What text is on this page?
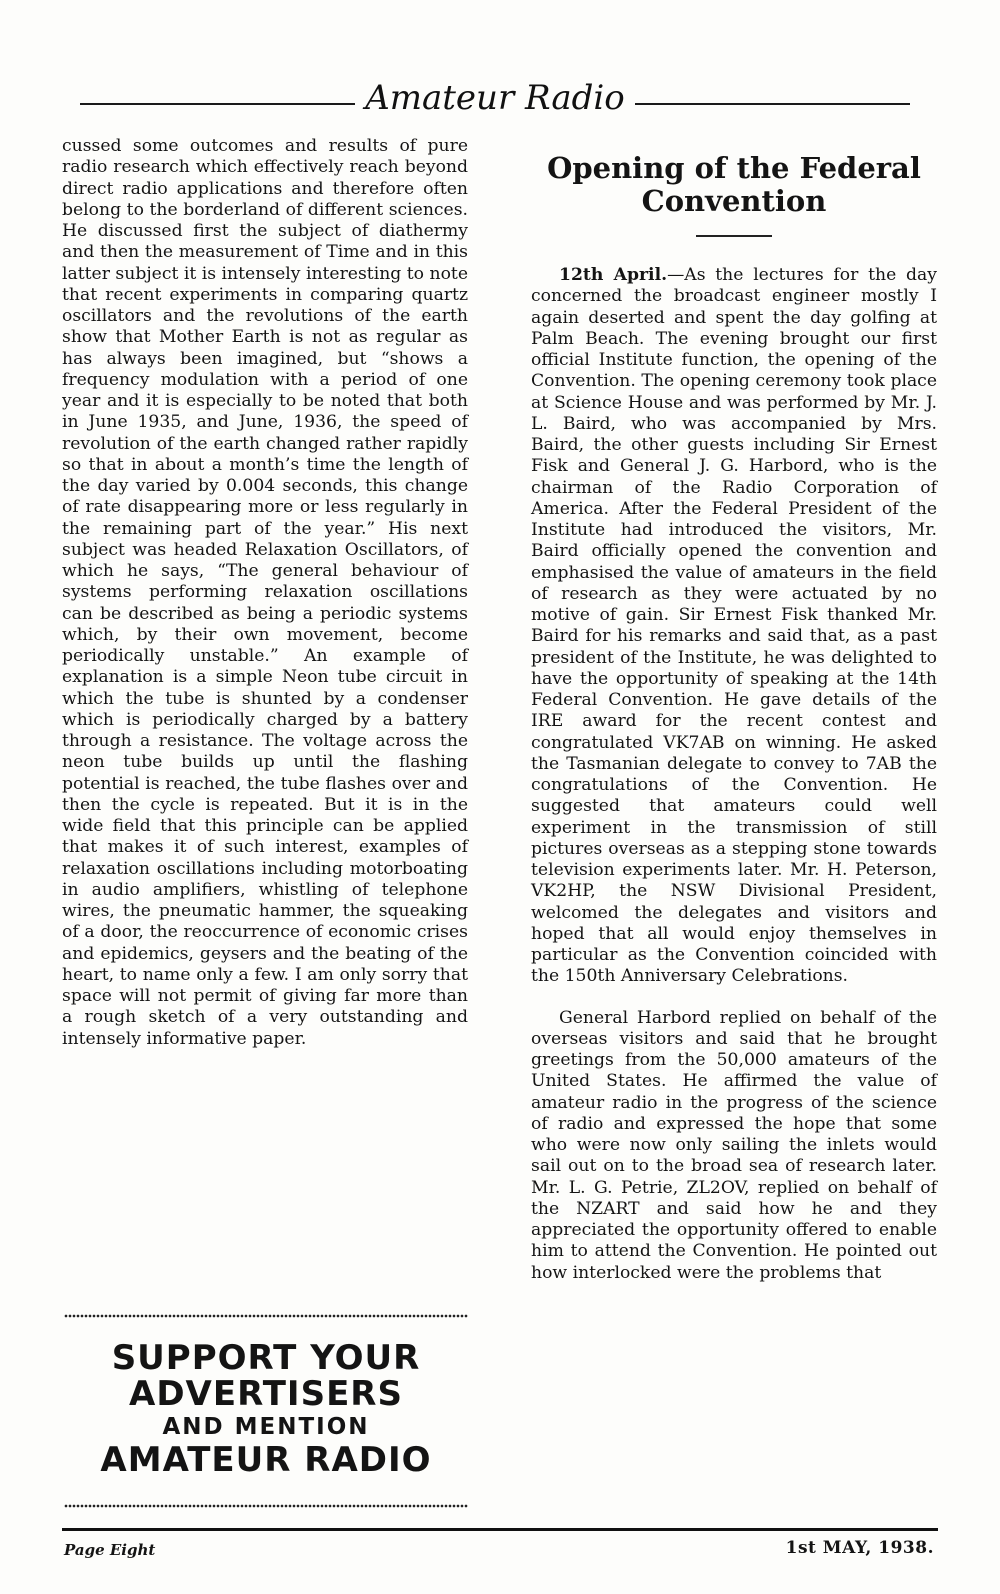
Amateur Radio

cussed some outcomes and results of pure radio research which effectively reach beyond direct radio applications and therefore often belong to the borderland of different sciences. He discussed first the subject of diathermy and then the measurement of Time and in this latter subject it is intensely interesting to note that recent experiments in comparing quartz oscillators and the revolutions of the earth show that Mother Earth is not as regular as has always been imagined, but “shows a frequency modulation with a period of one year and it is especially to be noted that both in June 1935, and June, 1936, the speed of revolution of the earth changed rather rapidly so that in about a month’s time the length of the day varied by 0.004 seconds, this change of rate disappearing more or less regularly in the remaining part of the year.” His next subject was headed Relaxation Oscillators, of which he says, “The general behaviour of systems performing relaxation oscillations can be described as being a periodic systems which, by their own movement, become periodically unstable.” An example of explanation is a simple Neon tube circuit in which the tube is shunted by a condenser which is periodically charged by a battery through a resistance. The voltage across the neon tube builds up until the flashing potential is reached, the tube flashes over and then the cycle is repeated. But it is in the wide field that this principle can be applied that makes it of such interest, examples of relaxation oscillations including motorboating in audio amplifiers, whistling of telephone wires, the pneumatic hammer, the squeaking of a door, the reoccurrence of economic crises and epidemics, geysers and the beating of the heart, to name only a few. I am only sorry that space will not permit of giving far more than a rough sketch of a very outstanding and intensely informative paper.

SUPPORT YOUR
ADVERTISERS
AND MENTION
AMATEUR RADIO
Opening of the Federal Convention

12th April.—As the lectures for the day concerned the broadcast engineer mostly I again deserted and spent the day golfing at Palm Beach. The evening brought our first official Institute function, the opening of the Convention. The opening ceremony took place at Science House and was performed by Mr. J. L. Baird, who was accompanied by Mrs. Baird, the other guests including Sir Ernest Fisk and General J. G. Harbord, who is the chairman of the Radio Corporation of America. After the Federal President of the Institute had introduced the visitors, Mr. Baird officially opened the convention and emphasised the value of amateurs in the field of research as they were actuated by no motive of gain. Sir Ernest Fisk thanked Mr. Baird for his remarks and said that, as a past president of the Institute, he was delighted to have the opportunity of speaking at the 14th Federal Convention. He gave details of the IRE award for the recent contest and congratulated VK7AB on winning. He asked the Tasmanian delegate to convey to 7AB the congratulations of the Convention. He suggested that amateurs could well experiment in the transmission of still pictures overseas as a stepping stone towards television experiments later. Mr. H. Peterson, VK2HP, the NSW Divisional President, welcomed the delegates and visitors and hoped that all would enjoy themselves in particular as the Convention coincided with the 150th Anniversary Celebrations.

General Harbord replied on behalf of the overseas visitors and said that he brought greetings from the 50,000 amateurs of the United States. He affirmed the value of amateur radio in the progress of the science of radio and expressed the hope that some who were now only sailing the inlets would sail out on to the broad sea of research later. Mr. L. G. Petrie, ZL2OV, replied on behalf of the NZART and said how he and they appreciated the opportunity offered to enable him to attend the Convention. He pointed out how interlocked were the problems that

Page Eight	1st MAY, 1938.
